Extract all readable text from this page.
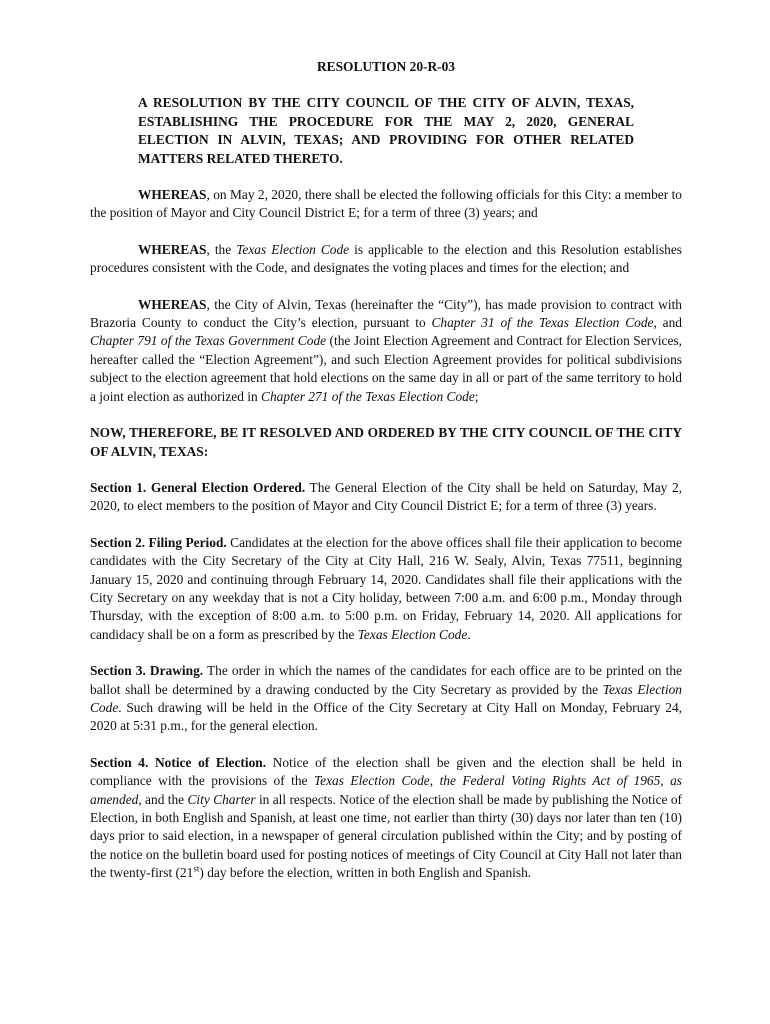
RESOLUTION 20-R-03
A RESOLUTION BY THE CITY COUNCIL OF THE CITY OF ALVIN, TEXAS, ESTABLISHING THE PROCEDURE FOR THE MAY 2, 2020, GENERAL ELECTION IN ALVIN, TEXAS; AND PROVIDING FOR OTHER RELATED MATTERS RELATED THERETO.

WHEREAS, on May 2, 2020, there shall be elected the following officials for this City: a member to the position of Mayor and City Council District E; for a term of three (3) years; and

WHEREAS, the Texas Election Code is applicable to the election and this Resolution establishes procedures consistent with the Code, and designates the voting places and times for the election; and

WHEREAS, the City of Alvin, Texas (hereinafter the “City”), has made provision to contract with Brazoria County to conduct the City’s election, pursuant to Chapter 31 of the Texas Election Code, and Chapter 791 of the Texas Government Code (the Joint Election Agreement and Contract for Election Services, hereafter called the “Election Agreement”), and such Election Agreement provides for political subdivisions subject to the election agreement that hold elections on the same day in all or part of the same territory to hold a joint election as authorized in Chapter 271 of the Texas Election Code;

NOW, THEREFORE, BE IT RESOLVED AND ORDERED BY THE CITY COUNCIL OF THE CITY OF ALVIN, TEXAS:

Section 1. General Election Ordered. The General Election of the City shall be held on Saturday, May 2, 2020, to elect members to the position of Mayor and City Council District E; for a term of three (3) years.

Section 2. Filing Period. Candidates at the election for the above offices shall file their application to become candidates with the City Secretary of the City at City Hall, 216 W. Sealy, Alvin, Texas 77511, beginning January 15, 2020 and continuing through February 14, 2020. Candidates shall file their applications with the City Secretary on any weekday that is not a City holiday, between 7:00 a.m. and 6:00 p.m., Monday through Thursday, with the exception of 8:00 a.m. to 5:00 p.m. on Friday, February 14, 2020. All applications for candidacy shall be on a form as prescribed by the Texas Election Code.

Section 3. Drawing. The order in which the names of the candidates for each office are to be printed on the ballot shall be determined by a drawing conducted by the City Secretary as provided by the Texas Election Code. Such drawing will be held in the Office of the City Secretary at City Hall on Monday, February 24, 2020 at 5:31 p.m., for the general election.

Section 4. Notice of Election. Notice of the election shall be given and the election shall be held in compliance with the provisions of the Texas Election Code, the Federal Voting Rights Act of 1965, as amended, and the City Charter in all respects. Notice of the election shall be made by publishing the Notice of Election, in both English and Spanish, at least one time, not earlier than thirty (30) days nor later than ten (10) days prior to said election, in a newspaper of general circulation published within the City; and by posting of the notice on the bulletin board used for posting notices of meetings of City Council at City Hall not later than the twenty-first (21st) day before the election, written in both English and Spanish.
